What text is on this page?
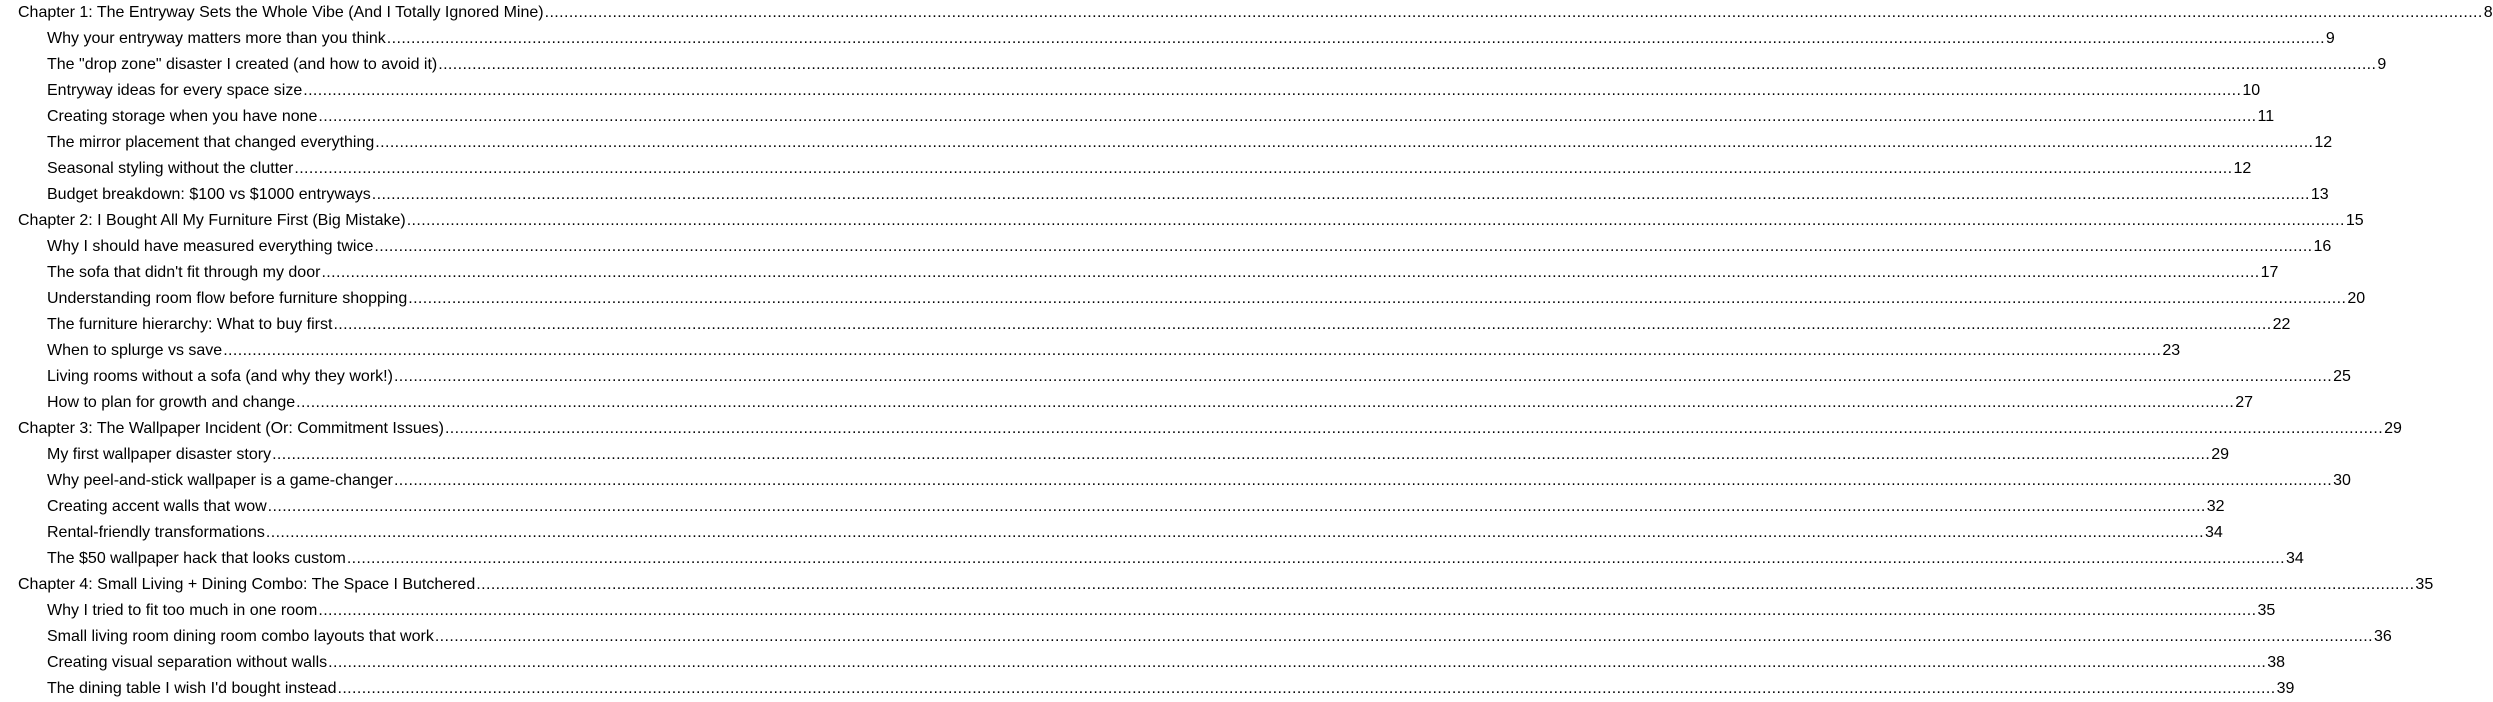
Chapter 1: The Entryway Sets the Whole Vibe (And I Totally Ignored Mine) ................................................................................................................................................................................................................................................................................................................................................................................................................ 8
Why your entryway matters more than you think ................................................................................................................................................................................................................................................................................................................................................................................................................ 9
The "drop zone" disaster I created (and how to avoid it) ................................................................................................................................................................................................................................................................................................................................................................................................................ 9
Entryway ideas for every space size ................................................................................................................................................................................................................................................................................................................................................................................................................ 10
Creating storage when you have none ................................................................................................................................................................................................................................................................................................................................................................................................................ 11
The mirror placement that changed everything ................................................................................................................................................................................................................................................................................................................................................................................................................ 12
Seasonal styling without the clutter ................................................................................................................................................................................................................................................................................................................................................................................................................ 12
Budget breakdown: $100 vs $1000 entryways ................................................................................................................................................................................................................................................................................................................................................................................................................ 13
Chapter 2: I Bought All My Furniture First (Big Mistake) ................................................................................................................................................................................................................................................................................................................................................................................................................ 15
Why I should have measured everything twice ................................................................................................................................................................................................................................................................................................................................................................................................................ 16
The sofa that didn't fit through my door ................................................................................................................................................................................................................................................................................................................................................................................................................ 17
Understanding room flow before furniture shopping ................................................................................................................................................................................................................................................................................................................................................................................................................ 20
The furniture hierarchy: What to buy first ................................................................................................................................................................................................................................................................................................................................................................................................................ 22
When to splurge vs save ................................................................................................................................................................................................................................................................................................................................................................................................................ 23
Living rooms without a sofa (and why they work!) ................................................................................................................................................................................................................................................................................................................................................................................................................ 25
How to plan for growth and change ................................................................................................................................................................................................................................................................................................................................................................................................................ 27
Chapter 3: The Wallpaper Incident (Or: Commitment Issues) ................................................................................................................................................................................................................................................................................................................................................................................................................ 29
My first wallpaper disaster story ................................................................................................................................................................................................................................................................................................................................................................................................................ 29
Why peel-and-stick wallpaper is a game-changer ................................................................................................................................................................................................................................................................................................................................................................................................................ 30
Creating accent walls that wow ................................................................................................................................................................................................................................................................................................................................................................................................................ 32
Rental-friendly transformations ................................................................................................................................................................................................................................................................................................................................................................................................................ 34
The $50 wallpaper hack that looks custom ................................................................................................................................................................................................................................................................................................................................................................................................................ 34
Chapter 4: Small Living + Dining Combo: The Space I Butchered ................................................................................................................................................................................................................................................................................................................................................................................................................ 35
Why I tried to fit too much in one room ................................................................................................................................................................................................................................................................................................................................................................................................................ 35
Small living room dining room combo layouts that work ................................................................................................................................................................................................................................................................................................................................................................................................................ 36
Creating visual separation without walls ................................................................................................................................................................................................................................................................................................................................................................................................................ 38
The dining table I wish I'd bought instead ................................................................................................................................................................................................................................................................................................................................................................................................................ 39
